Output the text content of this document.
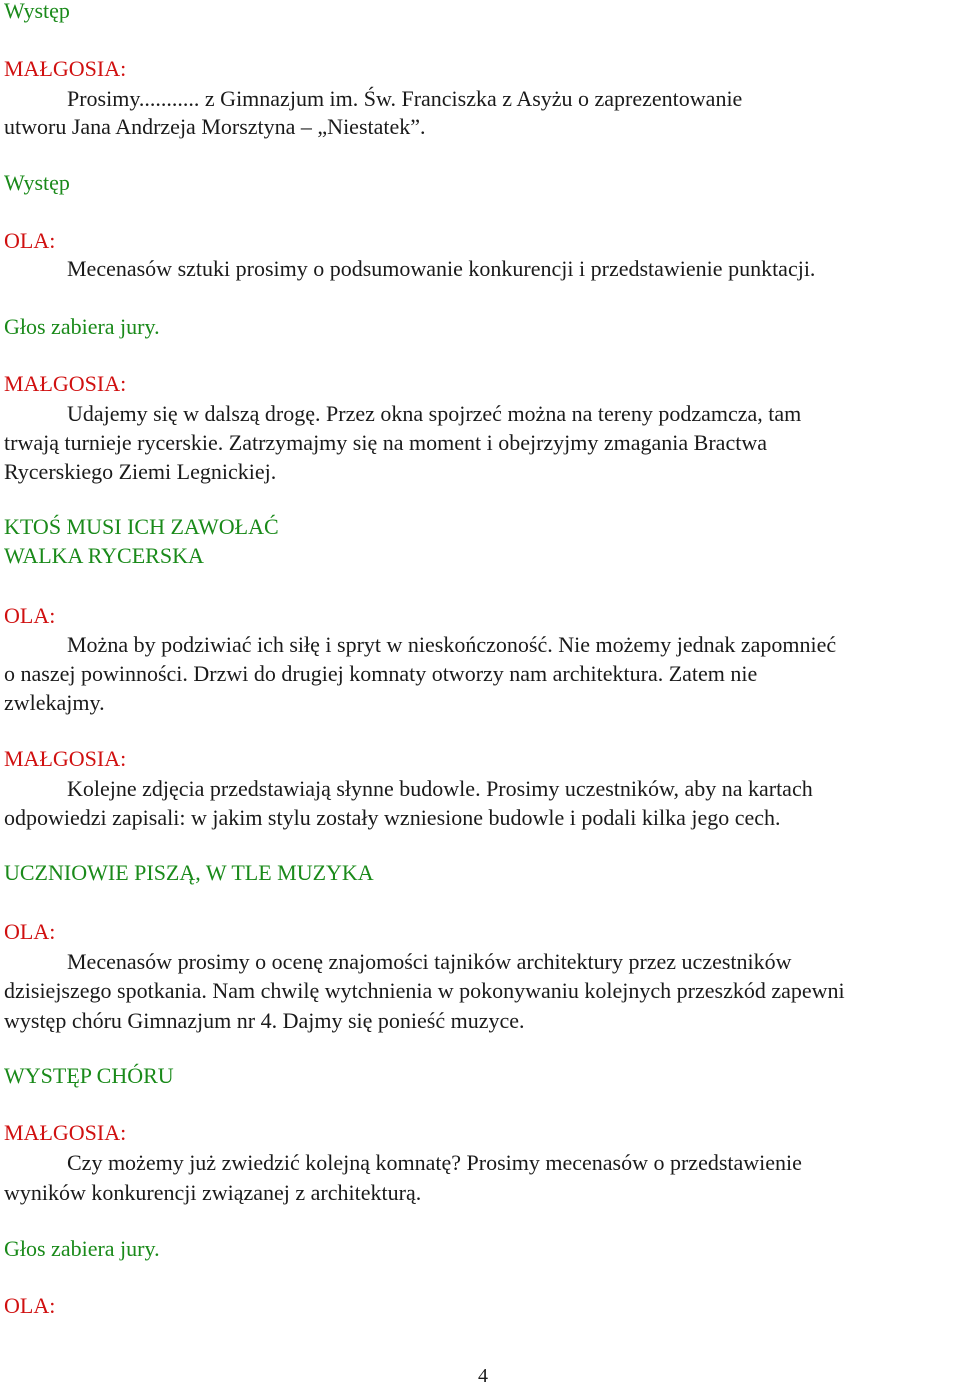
Występ
MAŁGOSIA:
Prosimy........... z Gimnazjum im. Św. Franciszka z Asyżu o zaprezentowanie
utworu Jana Andrzeja Morsztyna – „Niestatek”.
Występ
OLA:
Mecenasów sztuki prosimy o podsumowanie konkurencji i przedstawienie punktacji.
Głos zabiera jury.
MAŁGOSIA:
Udajemy się w dalszą drogę. Przez okna spojrzeć można na tereny podzamcza, tam
trwają turnieje rycerskie. Zatrzymajmy się na moment i obejrzyjmy zmagania Bractwa
Rycerskiego Ziemi Legnickiej.
KTOŚ MUSI ICH ZAWOŁAĆ
WALKA RYCERSKA
OLA:
Można by podziwiać ich siłę i spryt w nieskończoność. Nie możemy jednak zapomnieć
o naszej powinności. Drzwi do drugiej komnaty otworzy nam architektura. Zatem nie
zwlekajmy.
MAŁGOSIA:
Kolejne zdjęcia przedstawiają słynne budowle. Prosimy uczestników, aby na kartach
odpowiedzi zapisali: w jakim stylu zostały wzniesione budowle i podali kilka jego cech.
UCZNIOWIE PISZĄ, W TLE MUZYKA
OLA:
Mecenasów prosimy o ocenę znajomości tajników architektury przez uczestników
dzisiejszego spotkania. Nam chwilę wytchnienia w pokonywaniu kolejnych przeszkód zapewni
występ chóru Gimnazjum nr 4. Dajmy się ponieść muzyce.
WYSTĘP CHÓRU
MAŁGOSIA:
Czy możemy już zwiedzić kolejną komnatę? Prosimy mecenasów o przedstawienie
wyników konkurencji związanej z architekturą.
Głos zabiera jury.
OLA:
4
